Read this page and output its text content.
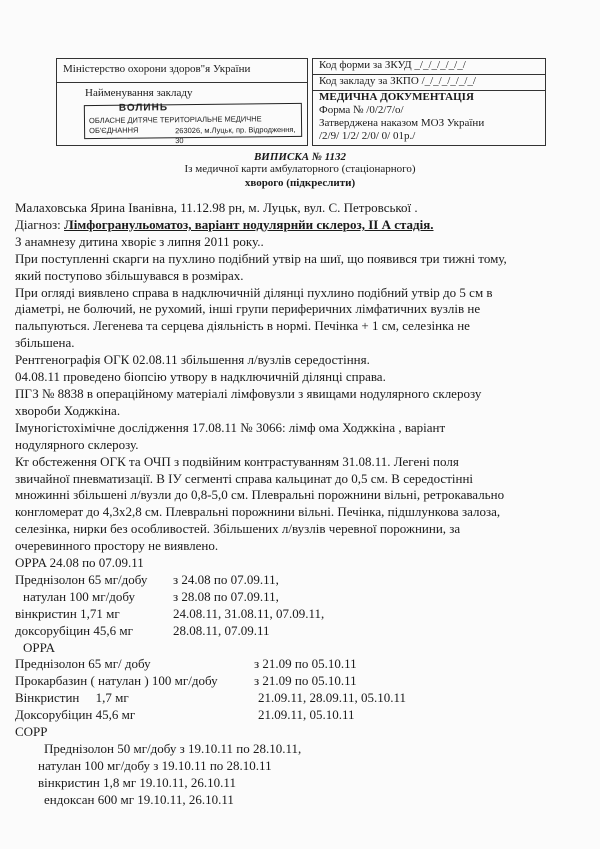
Міністерство охорони здоров"я України
Найменування закладу
ВОЛИНЬ
ОБЛАСНЕ ДИТЯЧЕ ТЕРИТОРІАЛЬНЕ МЕДИЧНЕ ОБ'ЄДНАННЯ	263026, м.Луцьк, пр. Відродження, 30
Код форми за ЗКУД _/_/_/_/_/_/
Код закладу за ЗКПО /_/_/_/_/_/_/
МЕДИЧНА ДОКУМЕНТАЦІЯ
Форма № /0/2/7/о/
Затверджена наказом МОЗ України
/2/9/ 1/2/ 2/0/ 0/ 01р./
ВИПИСКА № 1132
Із медичної карти амбулаторного (стаціонарного)
хворого (підкреслити)

Малаховська Ярина Іванівна, 11.12.98 рн, м. Луцьк, вул. С. Петровської .

Діагноз: Лімфогранульоматоз, варіант нодулярнйи склероз, ІІ А стадія.

З анамнезу дитина хворіє з липня 2011 року..

При поступленні скарги на пухлино подібний утвір на шиї, що появився три тижні тому,

який поступово збільшувався в розмірах.

При огляді виявлено справа в надключичній ділянці пухлино подібний утвір до 5 см в

діаметрі, не болючий, не рухомий, інші групи периферичних лімфатичних вузлів не

пальпуються. Легенева та серцева діяльність в нормі. Печінка + 1 см, селезінка не

збільшена.

Рентгенографія ОГК 02.08.11 збільшення л/вузлів середостіння.

04.08.11 проведено біопсію утвору в надключичній ділянці справа.

ПГЗ № 8838 в операційному матеріалі лімфовузли з явищами нодулярного склерозу

хвороби Ходжкіна.

Імуногістохімічне дослідження 17.08.11 № 3066: лімф ома Ходжкіна , варіант

нодулярного склерозу.

Кт обстеження ОГК та ОЧП з подвійним контрастуванням 31.08.11. Легені поля

звичайної пневматизації. В ІУ сегменті справа кальцинат до 0,5 см. В середостінні

множинні збільшені л/вузли до 0,8-5,0 см. Плевральні порожнини вільні, ретрокавально

конгломерат до 4,3х2,8 см. Плевральні порожнини вільні. Печінка, підшлункова залоза,

селезінка, нирки без особливостей. Збільшених л/вузлів черевної порожнини, за

очеревинного простору не виявлено.

OPPA 24.08 по 07.09.11

Преднізолон 65 мг/добу з 24.08 по 07.09.11,

натулан 100 мг/добу	з 28.08 по 07.09.11,

вінкристин 1,71 мг	24.08.11, 31.08.11, 07.09.11,

доксорубіцин 45,6 мг	28.08.11, 07.09.11

OPPA

Преднізолон 65 мг/ добу	з 21.09 по 05.10.11

Прокарбазин ( натулан ) 100 мг/добу	з 21.09 по 05.10.11

Вінкристин     1,7 мг	21.09.11, 28.09.11, 05.10.11

Доксорубіцин 45,6 мг	21.09.11, 05.10.11

COPP

Преднізолон 50 мг/добу з 19.10.11 по 28.10.11,

натулан 100 мг/добу з 19.10.11 по 28.10.11

вінкристин 1,8 мг 19.10.11, 26.10.11

ендоксан 600 мг 19.10.11, 26.10.11
